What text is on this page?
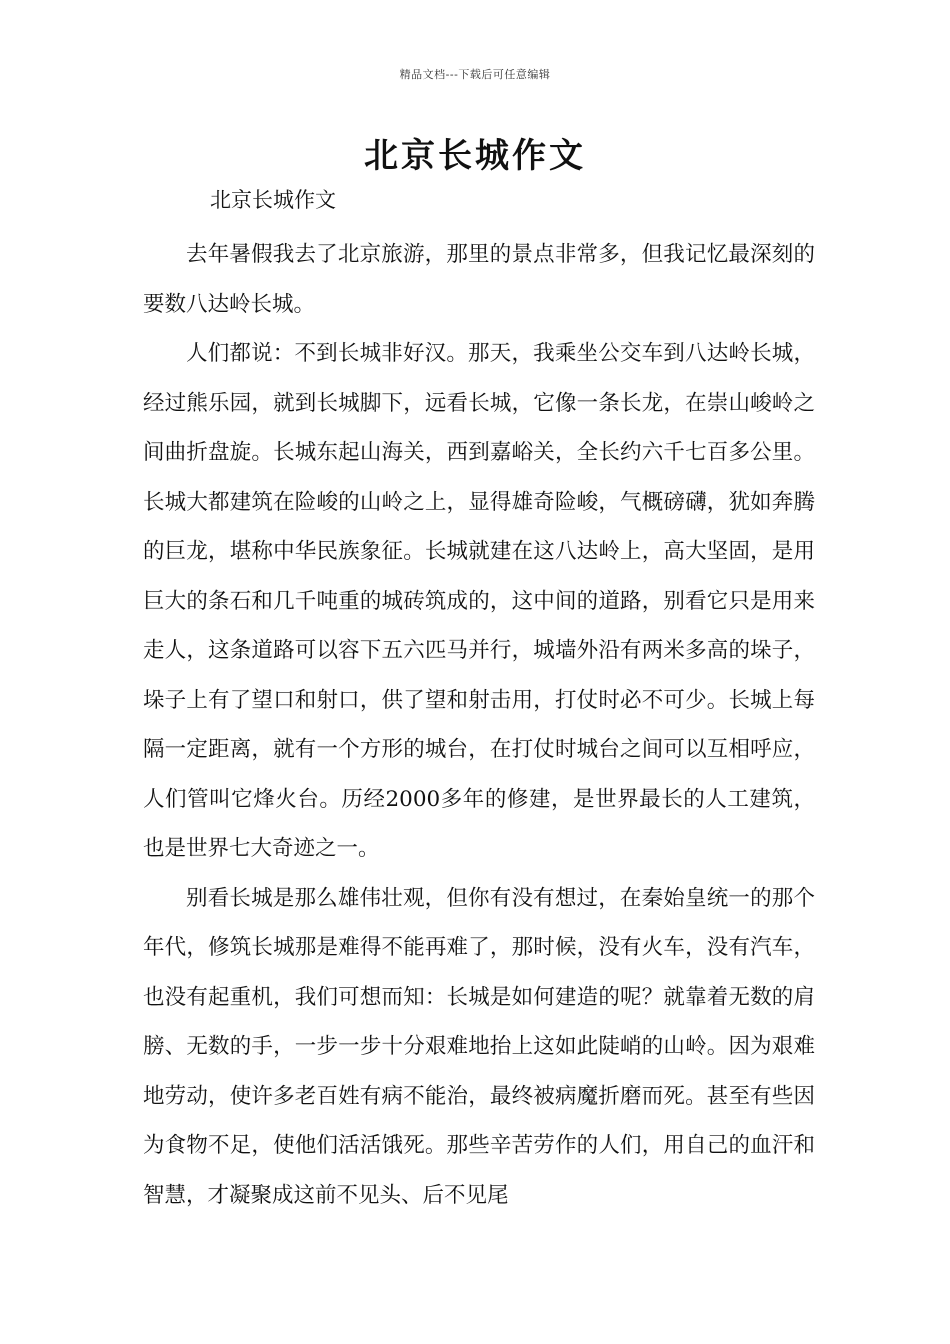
精品文档---下载后可任意编辑
北京长城作文
北京长城作文

去年暑假我去了北京旅游，那里的景点非常多，但我记忆最深刻的要数八达岭长城。

人们都说：不到长城非好汉。那天，我乘坐公交车到八达岭长城，经过熊乐园，就到长城脚下，远看长城，它像一条长龙，在崇山峻岭之间曲折盘旋。长城东起山海关，西到嘉峪关，全长约六千七百多公里。长城大都建筑在险峻的山岭之上，显得雄奇险峻，气概磅礴，犹如奔腾的巨龙，堪称中华民族象征。长城就建在这八达岭上，高大坚固，是用巨大的条石和几千吨重的城砖筑成的，这中间的道路，别看它只是用来走人，这条道路可以容下五六匹马并行，城墙外沿有两米多高的垛子，垛子上有了望口和射口，供了望和射击用，打仗时必不可少。长城上每隔一定距离，就有一个方形的城台，在打仗时城台之间可以互相呼应，人们管叫它烽火台。历经2000多年的修建，是世界最长的人工建筑，也是世界七大奇迹之一。

别看长城是那么雄伟壮观，但你有没有想过，在秦始皇统一的那个年代，修筑长城那是难得不能再难了，那时候，没有火车，没有汽车，也没有起重机，我们可想而知：长城是如何建造的呢？就靠着无数的肩膀、无数的手，一步一步十分艰难地抬上这如此陡峭的山岭。因为艰难地劳动，使许多老百姓有病不能治，最终被病魔折磨而死。甚至有些因为食物不足，使他们活活饿死。那些辛苦劳作的人们，用自己的血汗和智慧，才凝聚成这前不见头、后不见尾
